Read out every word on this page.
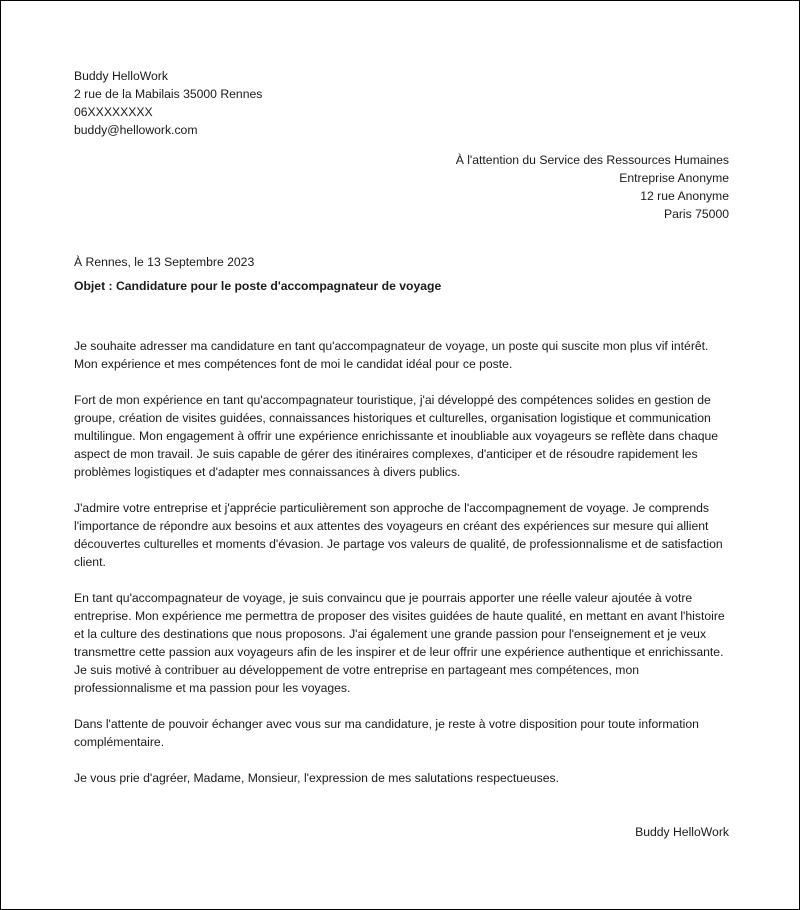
Buddy HelloWork
2 rue de la Mabilais 35000 Rennes
06XXXXXXXX
buddy@hellowork.com
À l'attention du Service des Ressources Humaines
Entreprise Anonyme
12 rue Anonyme
Paris 75000
À Rennes, le 13 Septembre 2023
Objet : Candidature pour le poste d'accompagnateur de voyage

Je souhaite adresser ma candidature en tant qu'accompagnateur de voyage, un poste qui suscite mon plus vif intérêt. Mon expérience et mes compétences font de moi le candidat idéal pour ce poste.

Fort de mon expérience en tant qu'accompagnateur touristique, j'ai développé des compétences solides en gestion de groupe, création de visites guidées, connaissances historiques et culturelles, organisation logistique et communication multilingue. Mon engagement à offrir une expérience enrichissante et inoubliable aux voyageurs se reflète dans chaque aspect de mon travail. Je suis capable de gérer des itinéraires complexes, d'anticiper et de résoudre rapidement les problèmes logistiques et d'adapter mes connaissances à divers publics.

J'admire votre entreprise et j'apprécie particulièrement son approche de l'accompagnement de voyage. Je comprends l'importance de répondre aux besoins et aux attentes des voyageurs en créant des expériences sur mesure qui allient découvertes culturelles et moments d'évasion. Je partage vos valeurs de qualité, de professionnalisme et de satisfaction client.

En tant qu'accompagnateur de voyage, je suis convaincu que je pourrais apporter une réelle valeur ajoutée à votre entreprise. Mon expérience me permettra de proposer des visites guidées de haute qualité, en mettant en avant l'histoire et la culture des destinations que nous proposons. J'ai également une grande passion pour l'enseignement et je veux transmettre cette passion aux voyageurs afin de les inspirer et de leur offrir une expérience authentique et enrichissante. Je suis motivé à contribuer au développement de votre entreprise en partageant mes compétences, mon professionnalisme et ma passion pour les voyages.

Dans l'attente de pouvoir échanger avec vous sur ma candidature, je reste à votre disposition pour toute information complémentaire.

Je vous prie d'agréer, Madame, Monsieur, l'expression de mes salutations respectueuses.

Buddy HelloWork
